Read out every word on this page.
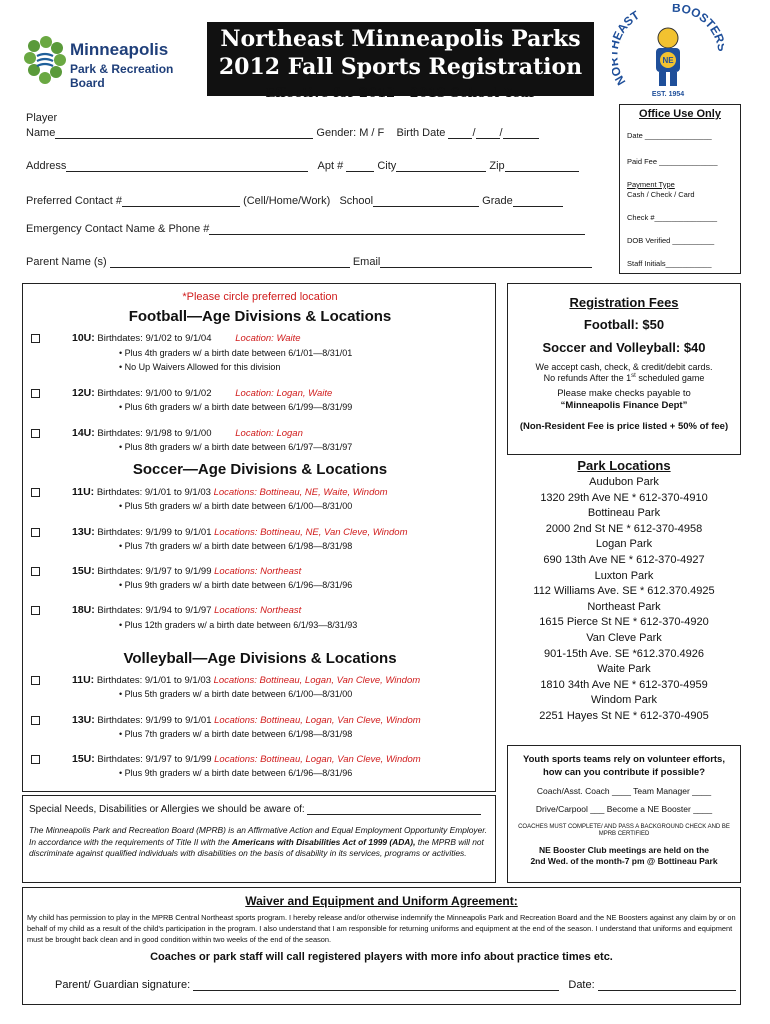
Minneapolis
Park & Recreation Board
Northeast Minneapolis Parks
2012 Fall Sports Registration
Effective for 2012 - 2013 School Year
N AST
BOOSTE
NE
EST. 1954
Player
Name	Gender: M / F Birth Date / /
Address	Apt #	City	Zip
Preferred Contact #	(Cell/Home/Work) School	Grade
Emergency Contact Name & Phone #
Parent Name (s)	Email
Office Use Only
Date ________________
Paid Fee ______________
Payment Type
Cash / Check / Card
Check #_______________
DOB Verified __________
Staff Initials___________
*Please circle preferred location
Football—Age Divisions & Locations
10U: Birthdates: 9/1/02 to 9/1/04	Location: Waite
• Plus 4th graders w/ a birth date between 6/1/01—8/31/01
• No Up Waivers Allowed for this division
12U: Birthdates: 9/1/00 to 9/1/02	Location: Logan, Waite
• Plus 6th graders w/ a birth date between 6/1/99—8/31/99
14U: Birthdates: 9/1/98 to 9/1/00	Location: Logan
• Plus 8th graders w/ a birth date between 6/1/97—8/31/97
Soccer—Age Divisions & Locations
11U: Birthdates: 9/1/01 to 9/1/03 Locations: Bottineau, NE, Waite, Windom
• Plus 5th graders w/ a birth date between 6/1/00—8/31/00
13U: Birthdates: 9/1/99 to 9/1/01 Locations: Bottineau, NE, Van Cleve, Windom
• Plus 7th graders w/ a birth date between 6/1/98—8/31/98
15U: Birthdates: 9/1/97 to 9/1/99 Locations: Northeast
• Plus 9th graders w/ a birth date between 6/1/96—8/31/96
18U: Birthdates: 9/1/94 to 9/1/97 Locations: Northeast
• Plus 12th graders w/ a birth date between 6/1/93—8/31/93
Volleyball—Age Divisions & Locations
11U: Birthdates: 9/1/01 to 9/1/03 Locations: Bottineau, Logan, Van Cleve, Windom
• Plus 5th graders w/ a birth date between 6/1/00—8/31/00
13U: Birthdates: 9/1/99 to 9/1/01 Locations: Bottineau, Logan, Van Cleve, Windom
• Plus 7th graders w/ a birth date between 6/1/98—8/31/98
15U: Birthdates: 9/1/97 to 9/1/99 Locations: Bottineau, Logan, Van Cleve, Windom
• Plus 9th graders w/ a birth date between 6/1/96—8/31/96
Special Needs, Disabilities or Allergies we should be aware of:
The Minneapolis Park and Recreation Board (MPRB) is an Affirmative Action and Equal Employment Opportunity Employer. In accordance with the requirements of Title II with the Americans with Disabilities Act of 1999 (ADA), the MPRB will not discriminate against qualified individuals with disabilities on the basis of disability in its services, programs or activities.
Registration Fees
Football: $50
Soccer and Volleyball: $40
We accept cash, check, & credit/debit cards.
No refunds After the 1st scheduled game
Please make checks payable to
“Minneapolis Finance Dept”
(Non-Resident Fee is price listed + 50% of fee)
Park Locations
Audubon Park
1320 29th Ave NE * 612-370-4910
Bottineau Park
2000 2nd St NE * 612-370-4958
Logan Park
690 13th Ave NE * 612-370-4927
Luxton Park
112 Williams Ave. SE * 612.370.4925
Northeast Park
1615 Pierce St NE * 612-370-4920
Van Cleve Park
901-15th Ave. SE *612.370.4926
Waite Park
1810 34th Ave NE * 612-370-4959
Windom Park
2251 Hayes St NE * 612-370-4905
Youth sports teams rely on volunteer efforts,
how can you contribute if possible?
Coach/Asst. Coach ____ Team Manager ____
Drive/Carpool ___ Become a NE Booster ____
COACHES MUST COMPLETE/ AND PASS A BACKGROUND CHECK AND BE
MPRB CERTIFIED
NE Booster Club meetings are held on the
2nd Wed. of the month-7 pm @ Bottineau Park
Waiver and Equipment and Uniform Agreement:
My child has permission to play in the MPRB Central Northeast sports program. I hereby release and/or otherwise indemnify the Minneapolis Park and Recreation Board and the NE Boosters against any claim by or on behalf of my child as a result of the child's participation in the program. I also understand that I am responsible for returning uniforms and equipment at the end of the season. I understand that uniforms and equipment must be brought back clean and in good condition within two weeks of the end of the season.
Coaches or park staff will call registered players with more info about practice times etc.
Parent/ Guardian signature:	Date:
